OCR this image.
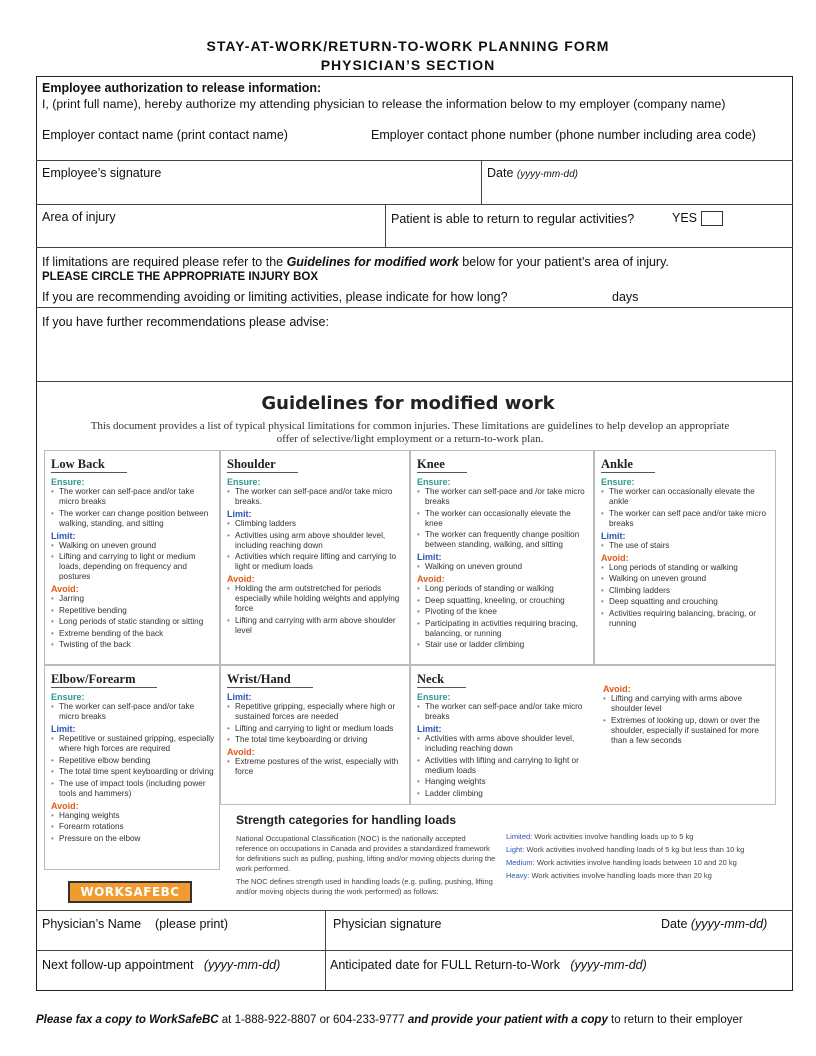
STAY-AT-WORK/RETURN-TO-WORK PLANNING FORM
PHYSICIAN’S SECTION
Employee authorization to release information:
I, (print full name), hereby authorize my attending physician to release the information below to my employer (company name)
Employer contact name (print contact name)	Employer contact phone number (phone number including area code)
Employee’s signature	Date (yyyy-mm-dd)
Area of injury	Patient is able to return to regular activities?	YES
If limitations are required please refer to the Guidelines for modified work below for your patient’s area of injury.
PLEASE CIRCLE THE APPROPRIATE INJURY BOX
If you are recommending avoiding or limiting activities, please indicate for how long?	days
If you have further recommendations please advise:
Guidelines for modified work
This document provides a list of typical physical limitations for common injuries. These limitations are guidelines to help develop an appropriate offer of selective/light employment or a return-to-work plan.
Low Back
Ensure:
• The worker can self-pace and/or take micro breaks
• The worker can change position between walking, standing, and sitting
Limit:
• Walking on uneven ground
• Lifting and carrying to light or medium loads, depending on frequency and postures
Avoid:
• Jarring
• Repetitive bending
• Long periods of static standing or sitting
• Extreme bending of the back
• Twisting of the back
Shoulder
Ensure:
• The worker can self-pace and/or take micro breaks.
Limit:
• Climbing ladders
• Activities using arm above shoulder level, including reaching down
• Activities which require lifting and carrying to light or medium loads
Avoid:
• Holding the arm outstretched for periods especially while holding weights and applying force
• Lifting and carrying with arm above shoulder level
Knee
Ensure:
• The worker can self-pace and /or take micro breaks
• The worker can occasionally elevate the knee
• The worker can frequently change position between standing, walking, and sitting
Limit:
• Walking on uneven ground
Avoid:
• Long periods of standing or walking
• Deep squatting, kneeling, or crouching
• Pivoting of the knee
• Participating in activities requiring bracing, balancing, or running
• Stair use or ladder climbing
Ankle
Ensure:
• The worker can occasionally elevate the ankle
• The worker can self pace and/or take micro breaks
Limit:
• The use of stairs
Avoid:
• Long periods of standing or walking
• Walking on uneven ground
• Climbing ladders
• Deep squatting and crouching
• Activities requiring balancing, bracing, or running
Elbow/Forearm
Ensure:
• The worker can self-pace and/or take micro breaks
Limit:
• Repetitive or sustained gripping, especially where high forces are required
• Repetitive elbow bending
• The total time spent keyboarding or driving
• The use of impact tools (including power tools and hammers)
Avoid:
• Hanging weights
• Forearm rotations
• Pressure on the elbow
Wrist/Hand
Limit:
• Repetitive gripping, especially where high or sustained forces are needed
• Lifting and carrying to light or medium loads
• The total time keyboarding or driving
Avoid:
• Extreme postures of the wrist, especially with force
Neck
Ensure:
• The worker can self-pace and/or take micro breaks
Limit:
• Activities with arms above shoulder level, including reaching down
• Activities with lifting and carrying to light or medium loads
• Hanging weights
• Ladder climbing
Avoid:
• Lifting and carrying with arms above shoulder level
• Extremes of looking up, down or over the shoulder, especially if sustained for more than a few seconds
Strength categories for handling loads
National Occupational Classification (NOC) is the nationally accepted reference on occupations in Canada and provides a standardized framework for definitions such as pulling, pushing, lifting and/or moving objects during the work performed.
The NOC defines strength used in handling loads (e.g. pulling, pushing, lifting and/or moving objects during the work performed) as follows:
Limited: Work activities involve handling loads up to 5 kg
Light: Work activities involved handling loads of 5 kg but less than 10 kg
Medium: Work activities involve handling loads between 10 and 20 kg
Heavy: Work activities involve handling loads more than 20 kg
WORKSAFEBC
Physician’s Name (please print)	Physician signature	Date (yyyy-mm-dd)
Next follow-up appointment (yyyy-mm-dd)	Anticipated date for FULL Return-to-Work (yyyy-mm-dd)
Please fax a copy to WorkSafeBC at 1-888-922-8807 or 604-233-9777 and provide your patient with a copy to return to their employer
